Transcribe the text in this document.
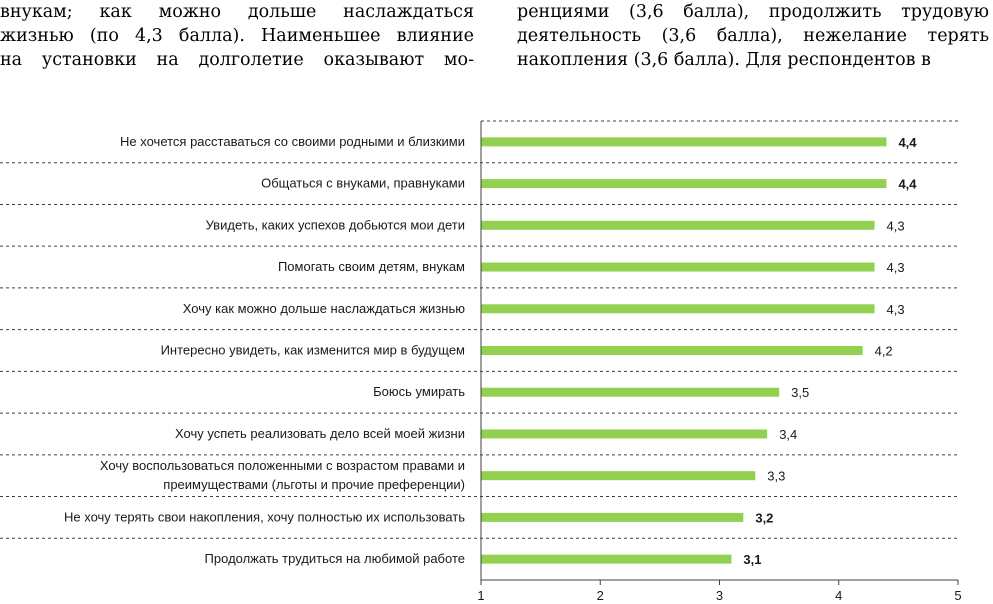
внукам; как можно дольше наслаждаться
жизнью (по 4,3 балла). Наименьшее влияние
на установки на долголетие оказывают мо-
ренциями (3,6 балла), продолжить трудовую
деятельность (3,6 балла), нежелание терять
накопления (3,6 балла). Для респондентов в
Не хочется расставаться со своими родными и близкими
Общаться с внуками, правнуками
Увидеть, каких успехов добьются мои дети
Помогать своим детям, внукам
Хочу как можно дольше наслаждаться жизнью
Интересно увидеть, как изменится мир в будущем
Боюсь умирать
Хочу успеть реализовать дело всей моей жизни
Хочу воспользоваться положенными с возрастом правами и
преимуществами (льготы и прочие преференции)
Не хочу терять свои накопления, хочу полностью их использовать
Продолжать трудиться на любимой работе
4,4
4,4
4,3
4,3
4,3
4,2
3,5
3,4
3,3
3,2
3,1
1	2	3	4	5
